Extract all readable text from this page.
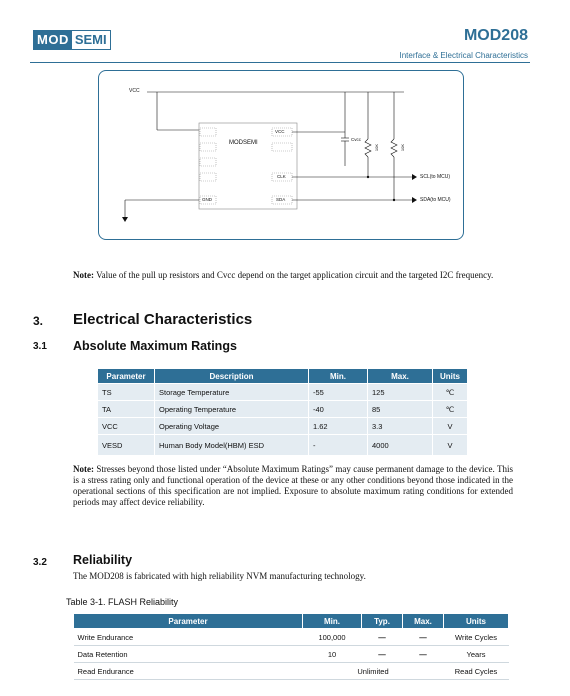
MOD SEMI	MOD208
Interface & Electrical Characteristics
VCC
MODSEMI
VCC
CLK
GND	SDA
Cvcc
10K	10K
SCL(to MCU)
SDA(to MCU)
Note: Value of the pull up resistors and Cvcc depend on the target application circuit and the targeted I2C frequency.
3. Electrical Characteristics
3.1 Absolute Maximum Ratings
Parameter	Description	Min.	Max.	Units
TS	Storage Temperature	-55	125	℃
TA	Operating Temperature	-40	85	℃
VCC	Operating Voltage	1.62	3.3	V
VESD	Human Body Model(HBM) ESD	-	4000	V
Note: Stresses beyond those listed under “Absolute Maximum Ratings” may cause permanent damage to the device. This is a stress rating only and functional operation of the device at these or any other conditions beyond those indicated in the operational sections of this specification are not implied. Exposure to absolute maximum rating conditions for extended periods may affect device reliability.
3.2 Reliability
The MOD208 is fabricated with high reliability NVM manufacturing technology.
Table 3-1. FLASH Reliability
Parameter	Min.	Typ.	Max.	Units
Write Endurance	100,000	—	—	Write Cycles
Data Retention	10	—	—	Years
Read Endurance	Unlimited			Read Cycles
